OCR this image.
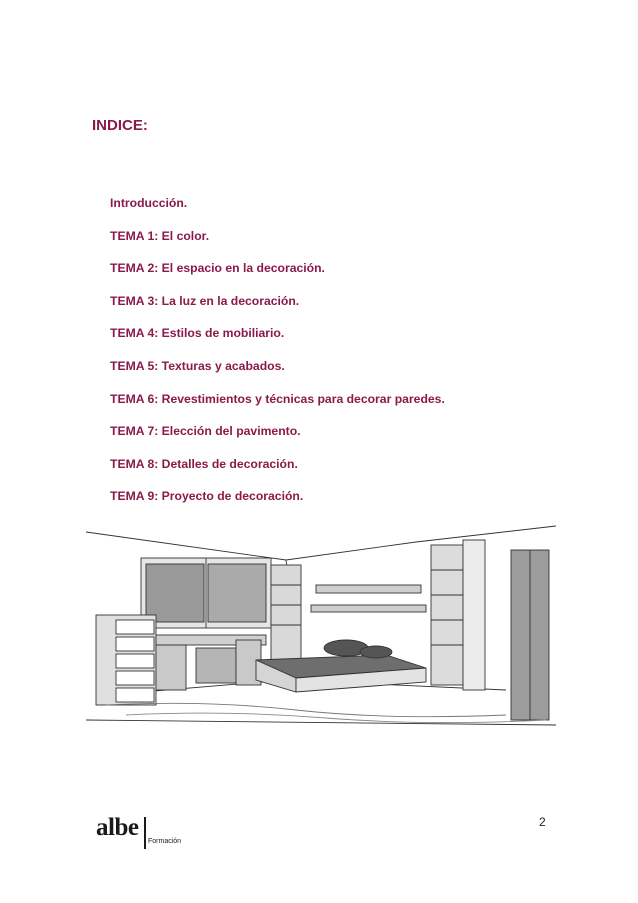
INDICE:
Introducción.
TEMA 1: El color.
TEMA 2: El espacio en la decoración.
TEMA 3: La luz en la decoración.
TEMA 4: Estilos de mobiliario.
TEMA 5: Texturas y acabados.
TEMA 6: Revestimientos y técnicas para decorar paredes.
TEMA 7: Elección del pavimento.
TEMA 8: Detalles de decoración.
TEMA 9: Proyecto de decoración.
2
albe
Formación
